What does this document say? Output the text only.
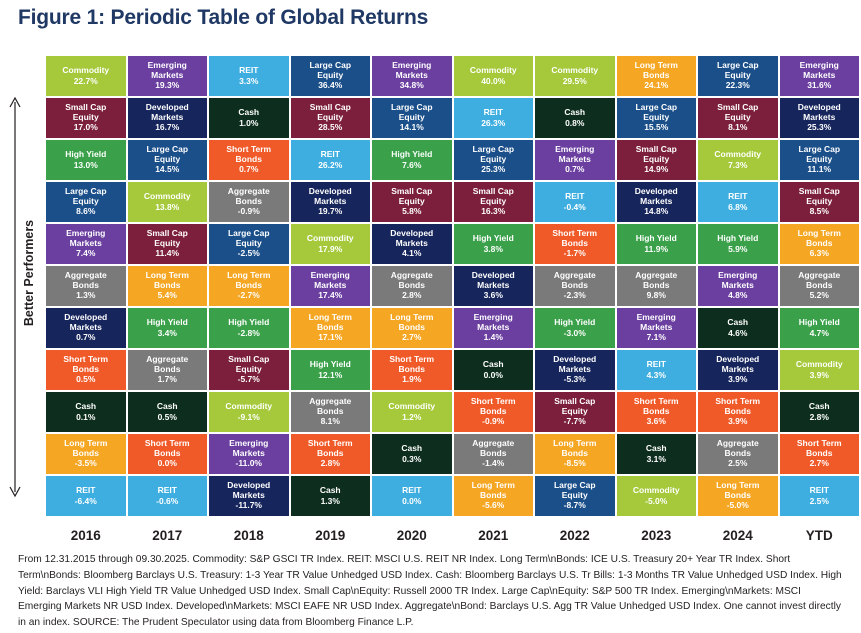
Figure 1: Periodic Table of Global Returns
Better Performers
Commodity
22.7%	Emerging
Markets
19.3%	REIT
3.3%	Large Cap
Equity
36.4%	Emerging
Markets
34.8%	Commodity
40.0%	Commodity
29.5%	Long Term
Bonds
24.1%	Large Cap
Equity
22.3%	Emerging
Markets
31.6%

Small Cap
Equity
17.0%	Developed
Markets
16.7%	Cash
1.0%	Small Cap
Equity
28.5%	Large Cap
Equity
14.1%	REIT
26.3%	Cash
0.8%	Large Cap
Equity
15.5%	Small Cap
Equity
8.1%	Developed
Markets
25.3%

High Yield
13.0%	Large Cap
Equity
14.5%	Short Term
Bonds
0.7%	REIT
26.2%	High Yield
7.6%	Large Cap
Equity
25.3%	Emerging
Markets
0.7%	Small Cap
Equity
14.9%	Commodity
7.3%	Large Cap
Equity
11.1%

Large Cap
Equity
8.6%	Commodity
13.8%	Aggregate
Bonds
-0.9%	Developed
Markets
19.7%	Small Cap
Equity
5.8%	Small Cap
Equity
16.3%	REIT
-0.4%	Developed
Markets
14.8%	REIT
6.8%	Small Cap
Equity
8.5%

Emerging
Markets
7.4%	Small Cap
Equity
11.4%	Large Cap
Equity
-2.5%	Commodity
17.9%	Developed
Markets
4.1%	High Yield
3.8%	Short Term
Bonds
-1.7%	High Yield
11.9%	High Yield
5.9%	Long Term
Bonds
6.3%

Aggregate
Bonds
1.3%	Long Term
Bonds
5.4%	Long Term
Bonds
-2.7%	Emerging
Markets
17.4%	Aggregate
Bonds
2.8%	Developed
Markets
3.6%	Aggregate
Bonds
-2.3%	Aggregate
Bonds
9.8%	Emerging
Markets
4.8%	Aggregate
Bonds
5.2%

Developed
Markets
0.7%	High Yield
3.4%	High Yield
-2.8%	Long Term
Bonds
17.1%	Long Term
Bonds
2.7%	Emerging
Markets
1.4%	High Yield
-3.0%	Emerging
Markets
7.1%	Cash
4.6%	High Yield
4.7%

Short Term
Bonds
0.5%	Aggregate
Bonds
1.7%	Small Cap
Equity
-5.7%	High Yield
12.1%	Short Term
Bonds
1.9%	Cash
0.0%	Developed
Markets
-5.3%	REIT
4.3%	Developed
Markets
3.9%	Commodity
3.9%

Cash
0.1%	Cash
0.5%	Commodity
-9.1%	Aggregate
Bonds
8.1%	Commodity
1.2%	Short Term
Bonds
-0.9%	Small Cap
Equity
-7.7%	Short Term
Bonds
3.6%	Short Term
Bonds
3.9%	Cash
2.8%

Long Term
Bonds
-3.5%	Short Term
Bonds
0.0%	Emerging
Markets
-11.0%	Short Term
Bonds
2.8%	Cash
0.3%	Aggregate
Bonds
-1.4%	Long Term
Bonds
-8.5%	Cash
3.1%	Aggregate
Bonds
2.5%	Short Term
Bonds
2.7%

REIT
-6.4%	REIT
-0.6%	Developed
Markets
-11.7%	Cash
1.3%	REIT
0.0%	Long Term
Bonds
-5.6%	Large Cap
Equity
-8.7%	Commodity
-5.0%	Long Term
Bonds
-5.0%	REIT
2.5%

2016	2017	2018	2019	2020	2021	2022	2023	2024	YTD
From 12.31.2015 through 09.30.2025. Commodity: S&P GSCI TR Index. REIT: MSCI U.S. REIT NR Index. Long Term\nBonds: ICE U.S. Treasury 20+ Year TR Index. Short Term\nBonds: Bloomberg Barclays U.S. Treasury: 1-3 Year TR Value Unhedged USD Index. Cash: Bloomberg Barclays U.S. Tr Bills: 1-3 Months TR Value Unhedged USD Index. High Yield: Barclays VLI High Yield TR Value Unhedged USD Index. Small Cap\nEquity: Russell 2000 TR Index. Large Cap\nEquity: S&P 500 TR Index. Emerging\nMarkets: MSCI Emerging Markets NR USD Index. Developed\nMarkets: MSCI EAFE NR USD Index. Aggregate\nBond: Barclays U.S. Agg TR Value Unhedged USD Index. One cannot invest directly in an index. SOURCE: The Prudent Speculator using data from Bloomberg Finance L.P.
